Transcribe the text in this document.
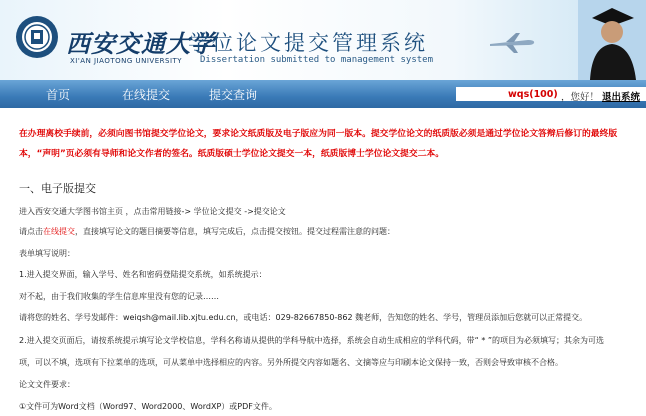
西安交通大学
XI'AN JIAOTONG UNIVERSITY
学位论文提交管理系统
Dissertation submitted to management system
首页	在线提交	提交查询	wqs(100) ，您好！ 退出系统
在办理离校手续前，必须向图书馆提交学位论文，要求论文纸质版及电子版应为同一版本。提交学位论文的纸质版必须是通过学位论文答辩后修订的最终版本，“声明”页必须有导师和论文作者的签名。纸质版硕士学位论文提交一本，纸质版博士学位论文提交二本。
一、电子版提交
进入西安交通大学图书馆主页 ，点击常用链接-> 学位论文提交 ->提交论文
请点击在线提交，直接填写论文的题目摘要等信息，填写完成后，点击提交按钮。提交过程需注意的问题：
表单填写说明：
1.进入提交界面，输入学号、姓名和密码登陆提交系统，如系统提示：
对不起，由于我们收集的学生信息库里没有您的记录……
请将您的姓名、学号发邮件：weiqsh@mail.lib.xjtu.edu.cn，或电话：029-82667850-862 魏老师，告知您的姓名、学号，管理员添加后您就可以正常提交。
2.进入提交页面后，请按系统提示填写论文学校信息，学科名称请从提供的学科导航中选择，系统会自动生成相应的学科代码，带“ * ”的项目为必须填写；其余为可选
项，可以不填，选项有下拉菜单的选项，可从菜单中选择相应的内容。另外所提交内容如题名、文摘等应与印刷本论文保持一致，否则会导致审核不合格。
论文文件要求：
①文件可为Word文档（Word97、Word2000、WordXP）或PDF文件。
